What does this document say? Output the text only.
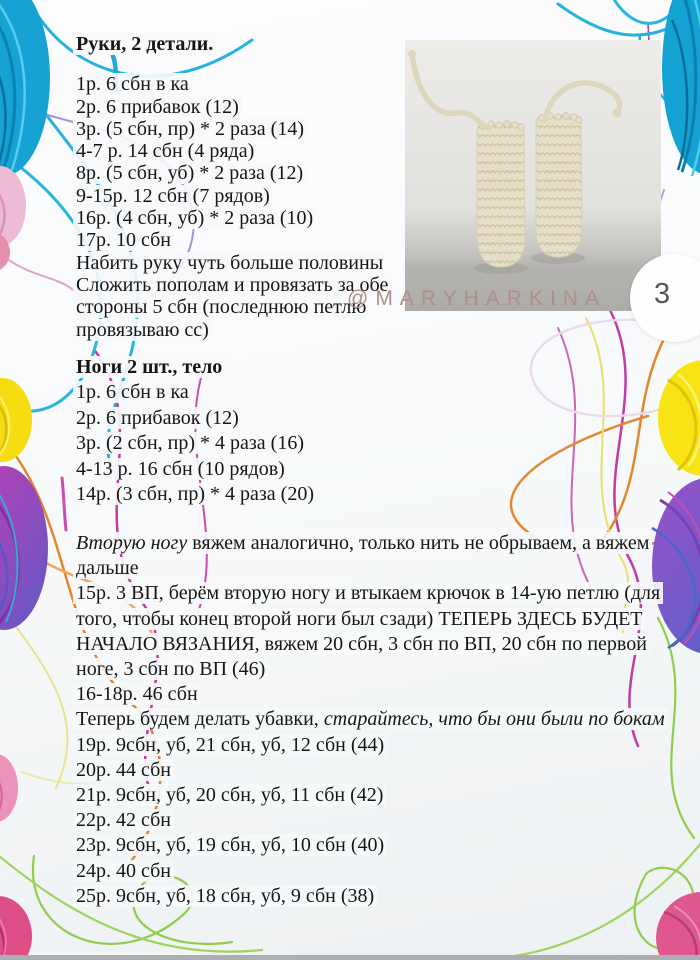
Руки, 2 детали.
1р. 6 сбн в ка
2р. 6 прибавок (12)
3р. (5 сбн, пр) * 2 раза (14)
4-7 р. 14 сбн (4 ряда)
8р. (5 сбн, уб) * 2 раза (12)
9-15р. 12 сбн (7 рядов)
16р. (4 сбн, уб) * 2 раза (10)
17р. 10 сбн
Набить руку чуть больше половины
Сложить пополам и провязать за обе стороны 5 сбн (последнюю петлю провязываю сс)
Ноги 2 шт., тело
1р. 6 сбн в ка
2р. 6 прибавок (12)
3р. (2 сбн, пр) * 4 раза (16)
4-13 р. 16 сбн (10 рядов)
14р. (3 сбн, пр) * 4 раза (20)
Вторую ногу вяжем аналогично, только нить не обрываем, а вяжем дальше
15р. 3 ВП, берём вторую ногу и втыкаем крючок в 14-ую петлю (для того, чтобы конец второй ноги был сзади) ТЕПЕРЬ ЗДЕСЬ БУДЕТ НАЧАЛО ВЯЗАНИЯ, вяжем 20 сбн, 3 сбн по ВП, 20 сбн по первой ноге, 3 сбн по ВП (46)
16-18р. 46 сбн
Теперь будем делать убавки, старайтесь, что бы они были по бокам
19р. 9сбн, уб, 21 сбн, уб, 12 сбн (44)
20р. 44 сбн
21р. 9сбн, уб, 20 сбн, уб, 11 сбн (42)
22р. 42 сбн
23р. 9сбн, уб, 19 сбн, уб, 10 сбн (40)
24р. 40 сбн
25р. 9сбн, уб, 18 сбн, уб, 9 сбн (38)
@MARYHARKINA 3
